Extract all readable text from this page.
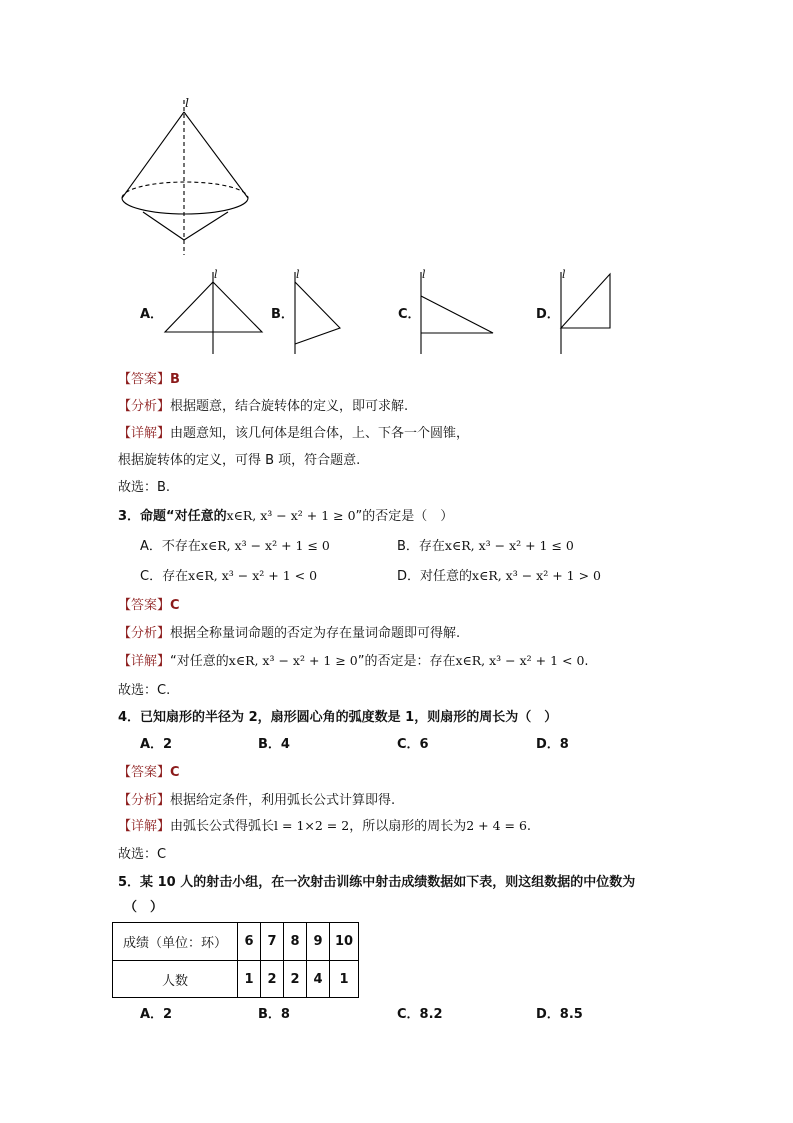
l
A．
l
B．
l
C．
l
D．
l
【答案】B
【分析】根据题意，结合旋转体的定义，即可求解.
【详解】由题意知，该几何体是组合体，上、下各一个圆锥，
根据旋转体的定义，可得 B 项，符合题意.
故选：B.
3．命题“对任意的x∈R, x³ − x² + 1 ≥ 0”的否定是（　）
A．不存在x∈R, x³ − x² + 1 ≤ 0	B．存在x∈R, x³ − x² + 1 ≤ 0
C．存在x∈R, x³ − x² + 1 < 0	D．对任意的x∈R, x³ − x² + 1 > 0
【答案】C
【分析】根据全称量词命题的否定为存在量词命题即可得解.
【详解】“对任意的x∈R, x³ − x² + 1 ≥ 0”的否定是：存在x∈R, x³ − x² + 1 < 0.
故选：C.
4．已知扇形的半径为 2，扇形圆心角的弧度数是 1，则扇形的周长为（　）
A．2	B．4	C．6	D．8
【答案】C
【分析】根据给定条件，利用弧长公式计算即得.
【详解】由弧长公式得弧长l = 1×2 = 2，所以扇形的周长为2 + 4 = 6.
故选：C
5．某 10 人的射击小组，在一次射击训练中射击成绩数据如下表，则这组数据的中位数为
（　）
成绩（单位：环）	6	7	8	9	10
人数	1	2	2	4	1
A．2	B．8	C．8.2	D．8.5
